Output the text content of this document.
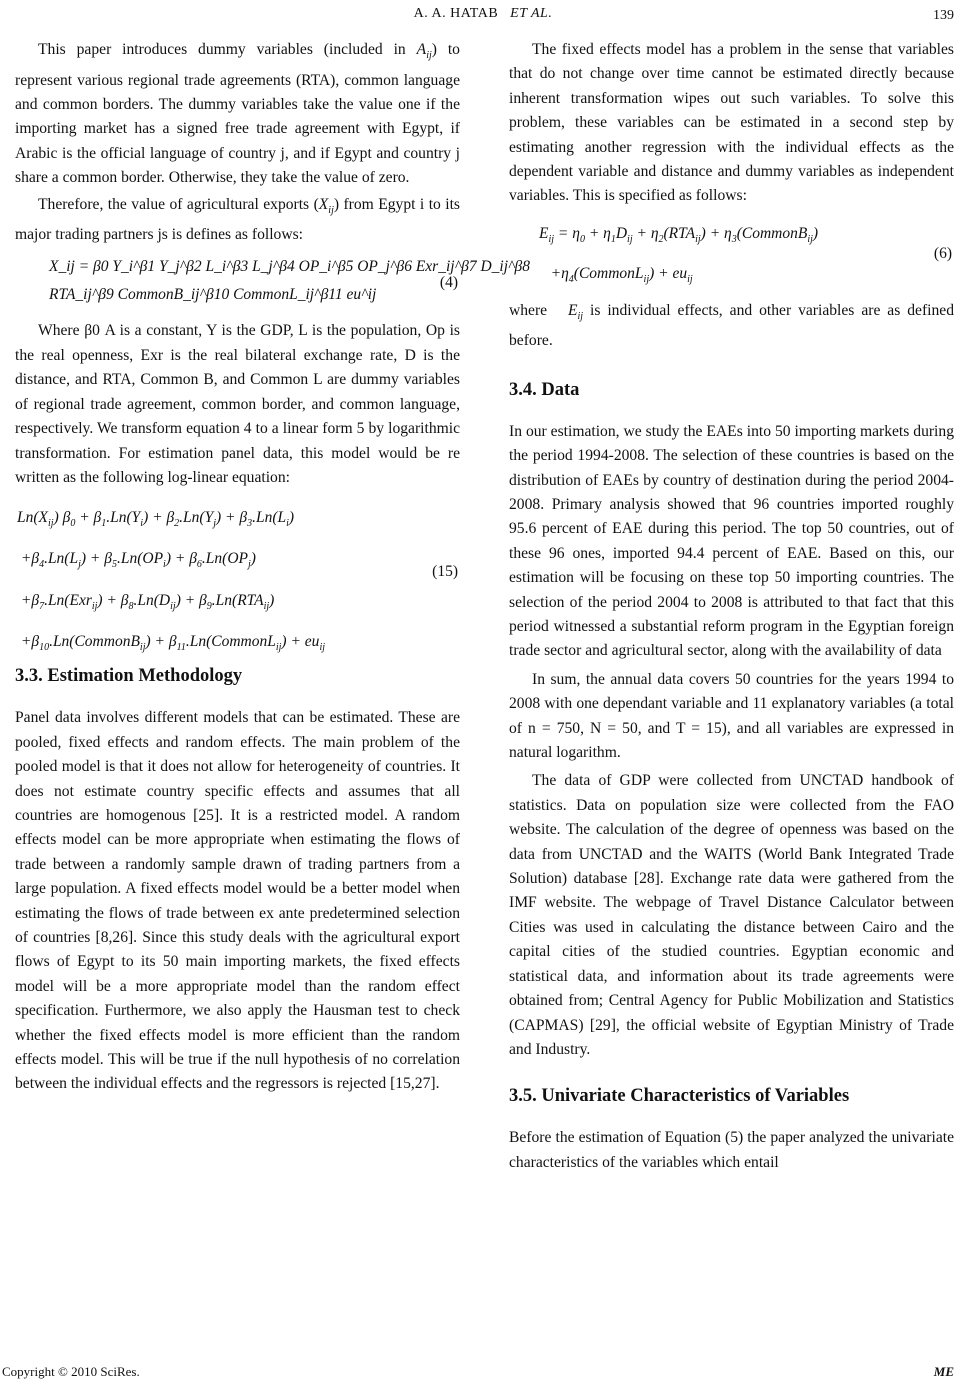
A. A. HATAB ET AL.	139

This paper introduces dummy variables (included in $A_{ij}$) to represent various regional trade agreements (RTA), common language and common borders. The dummy variables take the value one if the importing market has a signed free trade agreement with Egypt, if Arabic is the official language of country j, and if Egypt and country j share a common border. Otherwise, they take the value of zero.

Therefore, the value of agricultural exports $(X_{ij})$ from Egypt i to its major trading partners js is defines as follows:

X_ij = β0 Y_i^β1 Y_j^β2 L_i^β3 L_j^β4 OP_i^β5 OP_j^β6 Exr_ij^β7 D_ij^β8
RTA_ij^β9 CommonB_ij^β10 CommonL_ij^β11 eu^ij
(4)

Where β0 A is a constant, Y is the GDP, L is the population, Op is the real openness, Exr is the real bilateral exchange rate, D is the distance, and RTA, Common B, and Common L are dummy variables of regional trade agreement, common border, and common language, respectively. We transform equation 4 to a linear form 5 by logarithmic transformation. For estimation panel data, this model would be re written as the following log-linear equation:

$Ln(X_{ij}) \beta_0 + \beta_1.Ln(Y_i) + \beta_2.Ln(Y_j) + \beta_3.Ln(L_i)$
$+\beta_4.Ln(L_j) + \beta_5.Ln(OP_i) + \beta_6.Ln(OP_j)$
$+\beta_7.Ln(Exr_{ij}) + \beta_8.Ln(D_{ij}) + \beta_9.Ln(RTA_{ij})$
$+\beta_{10}.Ln(CommonB_{ij})$ + $\beta_{11}.Ln(CommonL_{ij}) + eu_{ij}$
(15)
3.3. Estimation Methodology

Panel data involves different models that can be estimated. These are pooled, fixed effects and random effects. The main problem of the pooled model is that it does not allow for heterogeneity of countries. It does not estimate country specific effects and assumes that all countries are homogenous [25]. It is a restricted model. A random effects model can be more appropriate when estimating the flows of trade between a randomly sample drawn of trading partners from a large population. A fixed effects model would be a better model when estimating the flows of trade between ex ante predetermined selection of countries [8,26]. Since this study deals with the agricultural export flows of Egypt to its 50 main importing markets, the fixed effects model will be a more appropriate model than the random effect specification. Furthermore, we also apply the Hausman test to check whether the fixed effects model is more efficient than the random effects model. This will be true if the null hypothesis of no correlation between the individual effects and the regressors is rejected [15,27].

The fixed effects model has a problem in the sense that variables that do not change over time cannot be estimated directly because inherent transformation wipes out such variables. To solve this problem, these variables can be estimated in a second step by estimating another regression with the individual effects as the dependent variable and distance and dummy variables as independent variables. This is specified as follows:

$E_{ij} = \eta_0 + \eta_1D_{ij} + \eta_2(RTA_{ij})$ + $\eta_3(CommonB_{ij})$
$+\eta_4(CommonL_{ij}) + eu_{ij}$
(6)

where   $E_{ij}$ is individual effects, and other variables are as defined before.

3.4. Data

In our estimation, we study the EAEs into 50 importing markets during the period 1994-2008. The selection of these countries is based on the distribution of EAEs by country of destination during the period 2004-2008. Primary analysis showed that 96 countries imported roughly 95.6 percent of EAE during this period. The top 50 countries, out of these 96 ones, imported 94.4 percent of EAE. Based on this, our estimation will be focusing on these top 50 importing countries. The selection of the period 2004 to 2008 is attributed to that fact that this period witnessed a substantial reform program in the Egyptian foreign trade sector and agricultural sector, along with the availability of data

In sum, the annual data covers 50 countries for the years 1994 to 2008 with one dependant variable and 11 explanatory variables (a total of n = 750, N = 50, and T = 15), and all variables are expressed in natural logarithm.

The data of GDP were collected from UNCTAD handbook of statistics. Data on population size were collected from the FAO website. The calculation of the degree of openness was based on the data from UNCTAD and the WAITS (World Bank Integrated Trade Solution) database [28]. Exchange rate data were gathered from the IMF website. The webpage of Travel Distance Calculator between Cities was used in calculating the distance between Cairo and the capital cities of the studied countries. Egyptian economic and statistical data, and information about its trade agreements were obtained from; Central Agency for Public Mobilization and Statistics (CAPMAS) [29], the official website of Egyptian Ministry of Trade and Industry.

3.5. Univariate Characteristics of Variables

Before the estimation of Equation (5) the paper analyzed the univariate characteristics of the variables which entail

Copyright © 2010 SciRes.	ME
